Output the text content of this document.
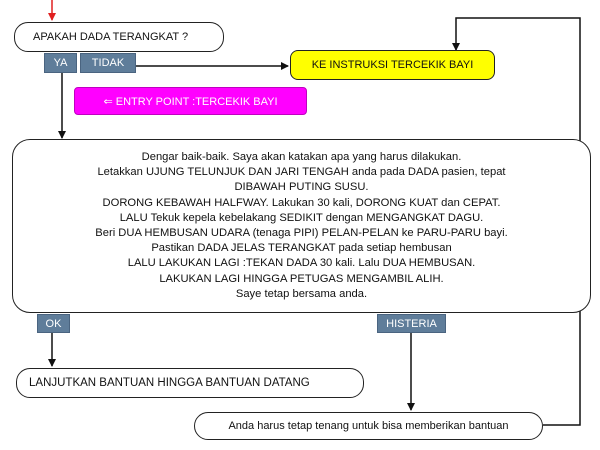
APAKAH DADA TERANGKAT ?
YA TIDAK	KE INSTRUKSI TERCEKIK BAYI
⇐ ENTRY POINT :TERCEKIK BAYI
Dengar baik-baik. Saya akan katakan apa yang harus dilakukan.
Letakkan UJUNG TELUNJUK DAN JARI TENGAH anda pada DADA pasien, tepat DIBAWAH PUTING SUSU.
DORONG KEBAWAH HALFWAY. Lakukan 30 kali, DORONG KUAT dan CEPAT.
LALU Tekuk kepela kebelakang SEDIKIT dengan MENGANGKAT DAGU.
Beri DUA HEMBUSAN UDARA (tenaga PIPI) PELAN-PELAN ke PARU-PARU bayi.
Pastikan DADA JELAS TERANGKAT pada setiap hembusan
LALU LAKUKAN LAGI :TEKAN DADA 30 kali. Lalu DUA HEMBUSAN.
LAKUKAN LAGI HINGGA PETUGAS MENGAMBIL ALIH.
Saye tetap bersama anda.
OK	HISTERIA
LANJUTKAN BANTUAN HINGGA BANTUAN DATANG
Anda harus tetap tenang untuk bisa memberikan bantuan
